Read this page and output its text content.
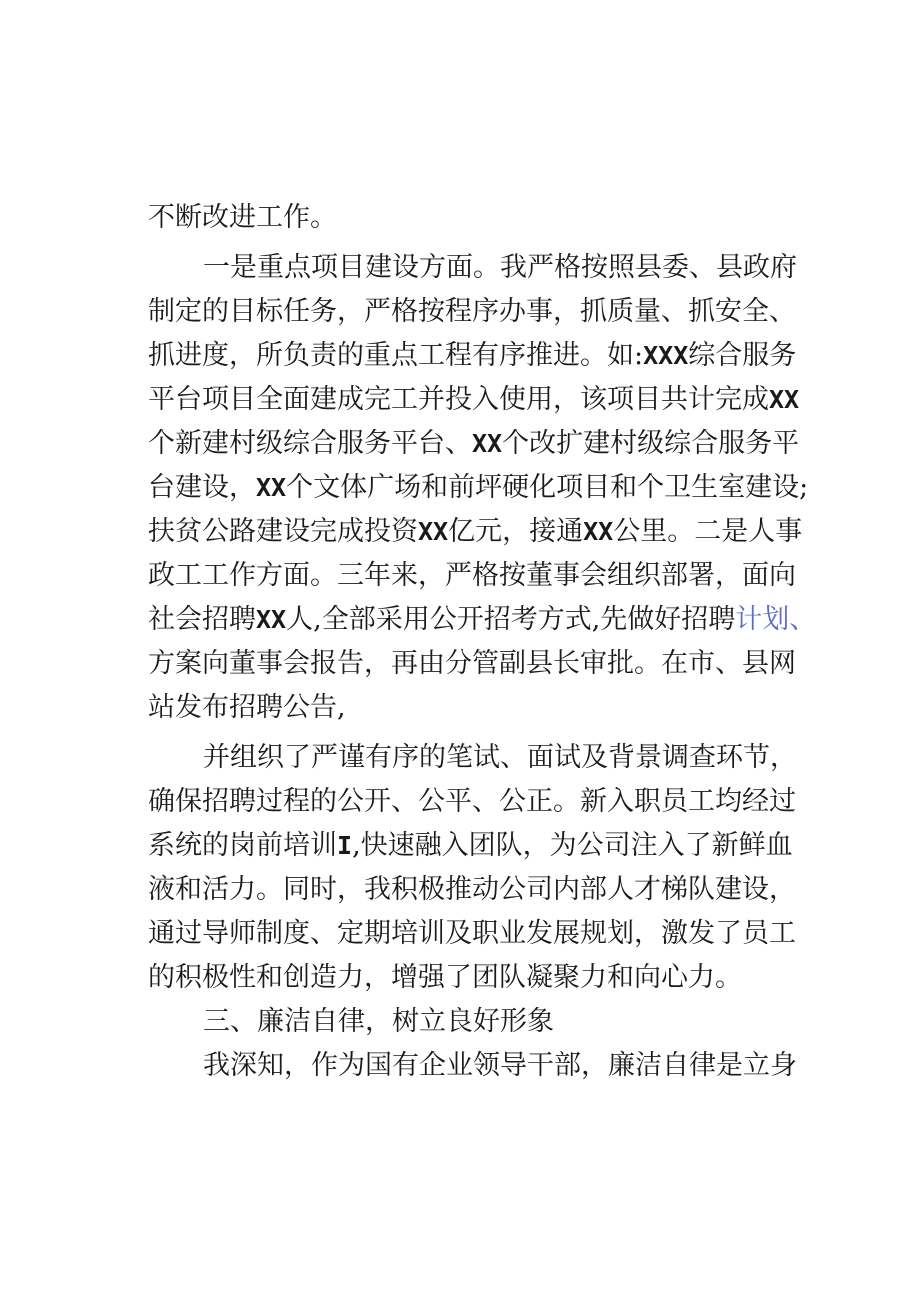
不断改进工作。
一是重点项目建设方面。我严格按照县委、县政府
制定的目标任务，严格按程序办事，抓质量、抓安全、
抓进度，所负责的重点工程有序推进。如:XXX综合服务
平台项目全面建成完工并投入使用，该项目共计完成XX
个新建村级综合服务平台、XX个改扩建村级综合服务平
台建设，XX个文体广场和前坪硬化项目和个卫生室建设;
扶贫公路建设完成投资XX亿元，接通XX公里。二是人事
政工工作方面。三年来，严格按董事会组织部署，面向
社会招聘XX人,全部采用公开招考方式,先做好招聘计划、
方案向董事会报告，再由分管副县长审批。在市、县网
站发布招聘公告,
并组织了严谨有序的笔试、面试及背景调查环节，
确保招聘过程的公开、公平、公正。新入职员工均经过
系统的岗前培训I,快速融入团队，为公司注入了新鲜血
液和活力。同时，我积极推动公司内部人才梯队建设，
通过导师制度、定期培训及职业发展规划，激发了员工
的积极性和创造力，增强了团队凝聚力和向心力。
三、廉洁自律，树立良好形象
我深知，作为国有企业领导干部，廉洁自律是立身
